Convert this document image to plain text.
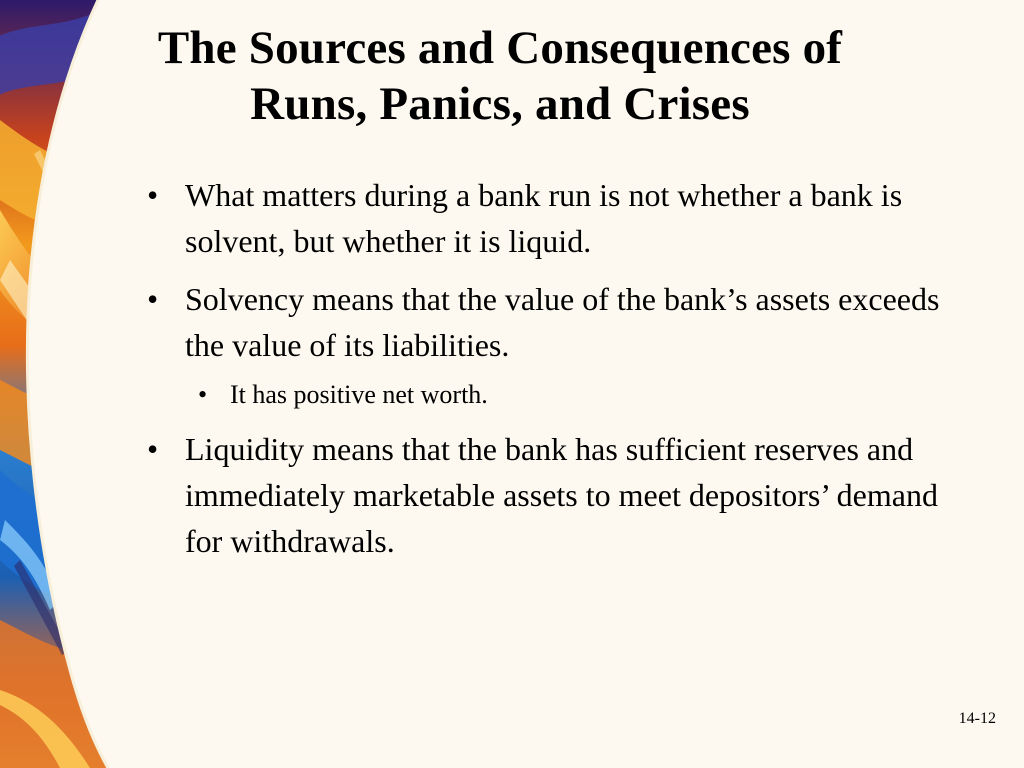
The Sources and Consequences of
Runs, Panics, and Crises
• What matters during a bank run is not whether a bank is solvent, but whether it is liquid.
• Solvency means that the value of the bank’s assets exceeds the value of its liabilities.
• It has positive net worth.
• Liquidity means that the bank has sufficient reserves and immediately marketable assets to meet depositors’ demand for withdrawals.
14-12
